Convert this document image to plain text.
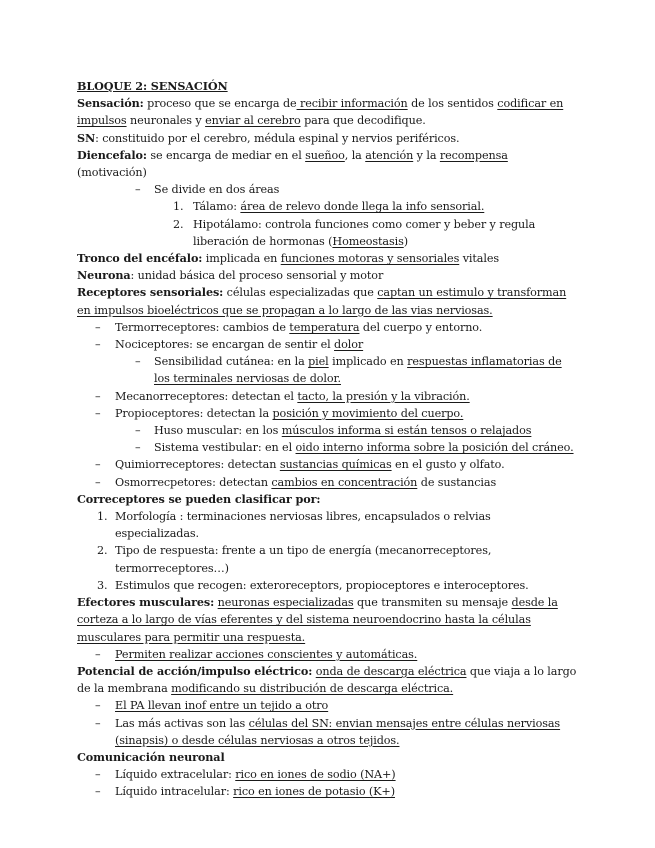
BLOQUE 2: SENSACIÓN

Sensación: proceso que se encarga de recibir información de los sentidos codificar en impulsos neuronales y enviar al cerebro para que decodifique.

SN: constituido por el cerebro, médula espinal y nervios periféricos.

Diencefalo: se encarga de mediar en el sueñoo, la atención y la recompensa (motivación)

– Se divide en dos áreas
1. Tálamo: área de relevo donde llega la info sensorial.
2. Hipotálamo: controla funciones como comer y beber y regula liberación de hormonas (Homeostasis)

Tronco del encéfalo: implicada en funciones motoras y sensoriales vitales

Neurona: unidad básica del proceso sensorial y motor

Receptores sensoriales: células especializadas que captan un estimulo y transforman en impulsos bioeléctricos que se propagan a lo largo de las vias nerviosas.

– Termorreceptores: cambios de temperatura del cuerpo y entorno.
– Nociceptores: se encargan de sentir el dolor
– Sensibilidad cutánea: en la piel implicado en respuestas inflamatorias de los terminales nerviosas de dolor.
– Mecanorreceptores: detectan el tacto, la presión y la vibración.
– Propioceptores: detectan la posición y movimiento del cuerpo.
– Huso muscular: en los músculos informa si están tensos o relajados
– Sistema vestibular: en el oido interno informa sobre la posición del cráneo.
– Quimiorreceptores: detectan sustancias químicas en el gusto y olfato.
– Osmorrecpetores: detectan cambios en concentración de sustancias

Correceptores se pueden clasificar por:

1. Morfología : terminaciones nerviosas libres, encapsulados o relvias especializadas.
2. Tipo de respuesta: frente a un tipo de energía (mecanorreceptores, termorreceptores…)
3. Estimulos que recogen: exteroreceptors, propioceptores e interoceptores.

Efectores musculares: neuronas especializadas que transmiten su mensaje desde la corteza a lo largo de vías eferentes y del sistema neuroendocrino hasta la células musculares para permitir una respuesta.

– Permiten realizar acciones conscientes y automáticas.

Potencial de acción/impulso eléctrico: onda de descarga eléctrica que viaja a lo largo de la membrana modificando su distribución de descarga eléctrica.

– El PA llevan inof entre un tejido a otro
– Las más activas son las células del SN: envian mensajes entre células nerviosas (sinapsis) o desde células nerviosas a otros tejidos.

Comunicación neuronal

– Líquido extracelular: rico en iones de sodio (NA+)
– Líquido intracelular: rico en iones de potasio (K+)
